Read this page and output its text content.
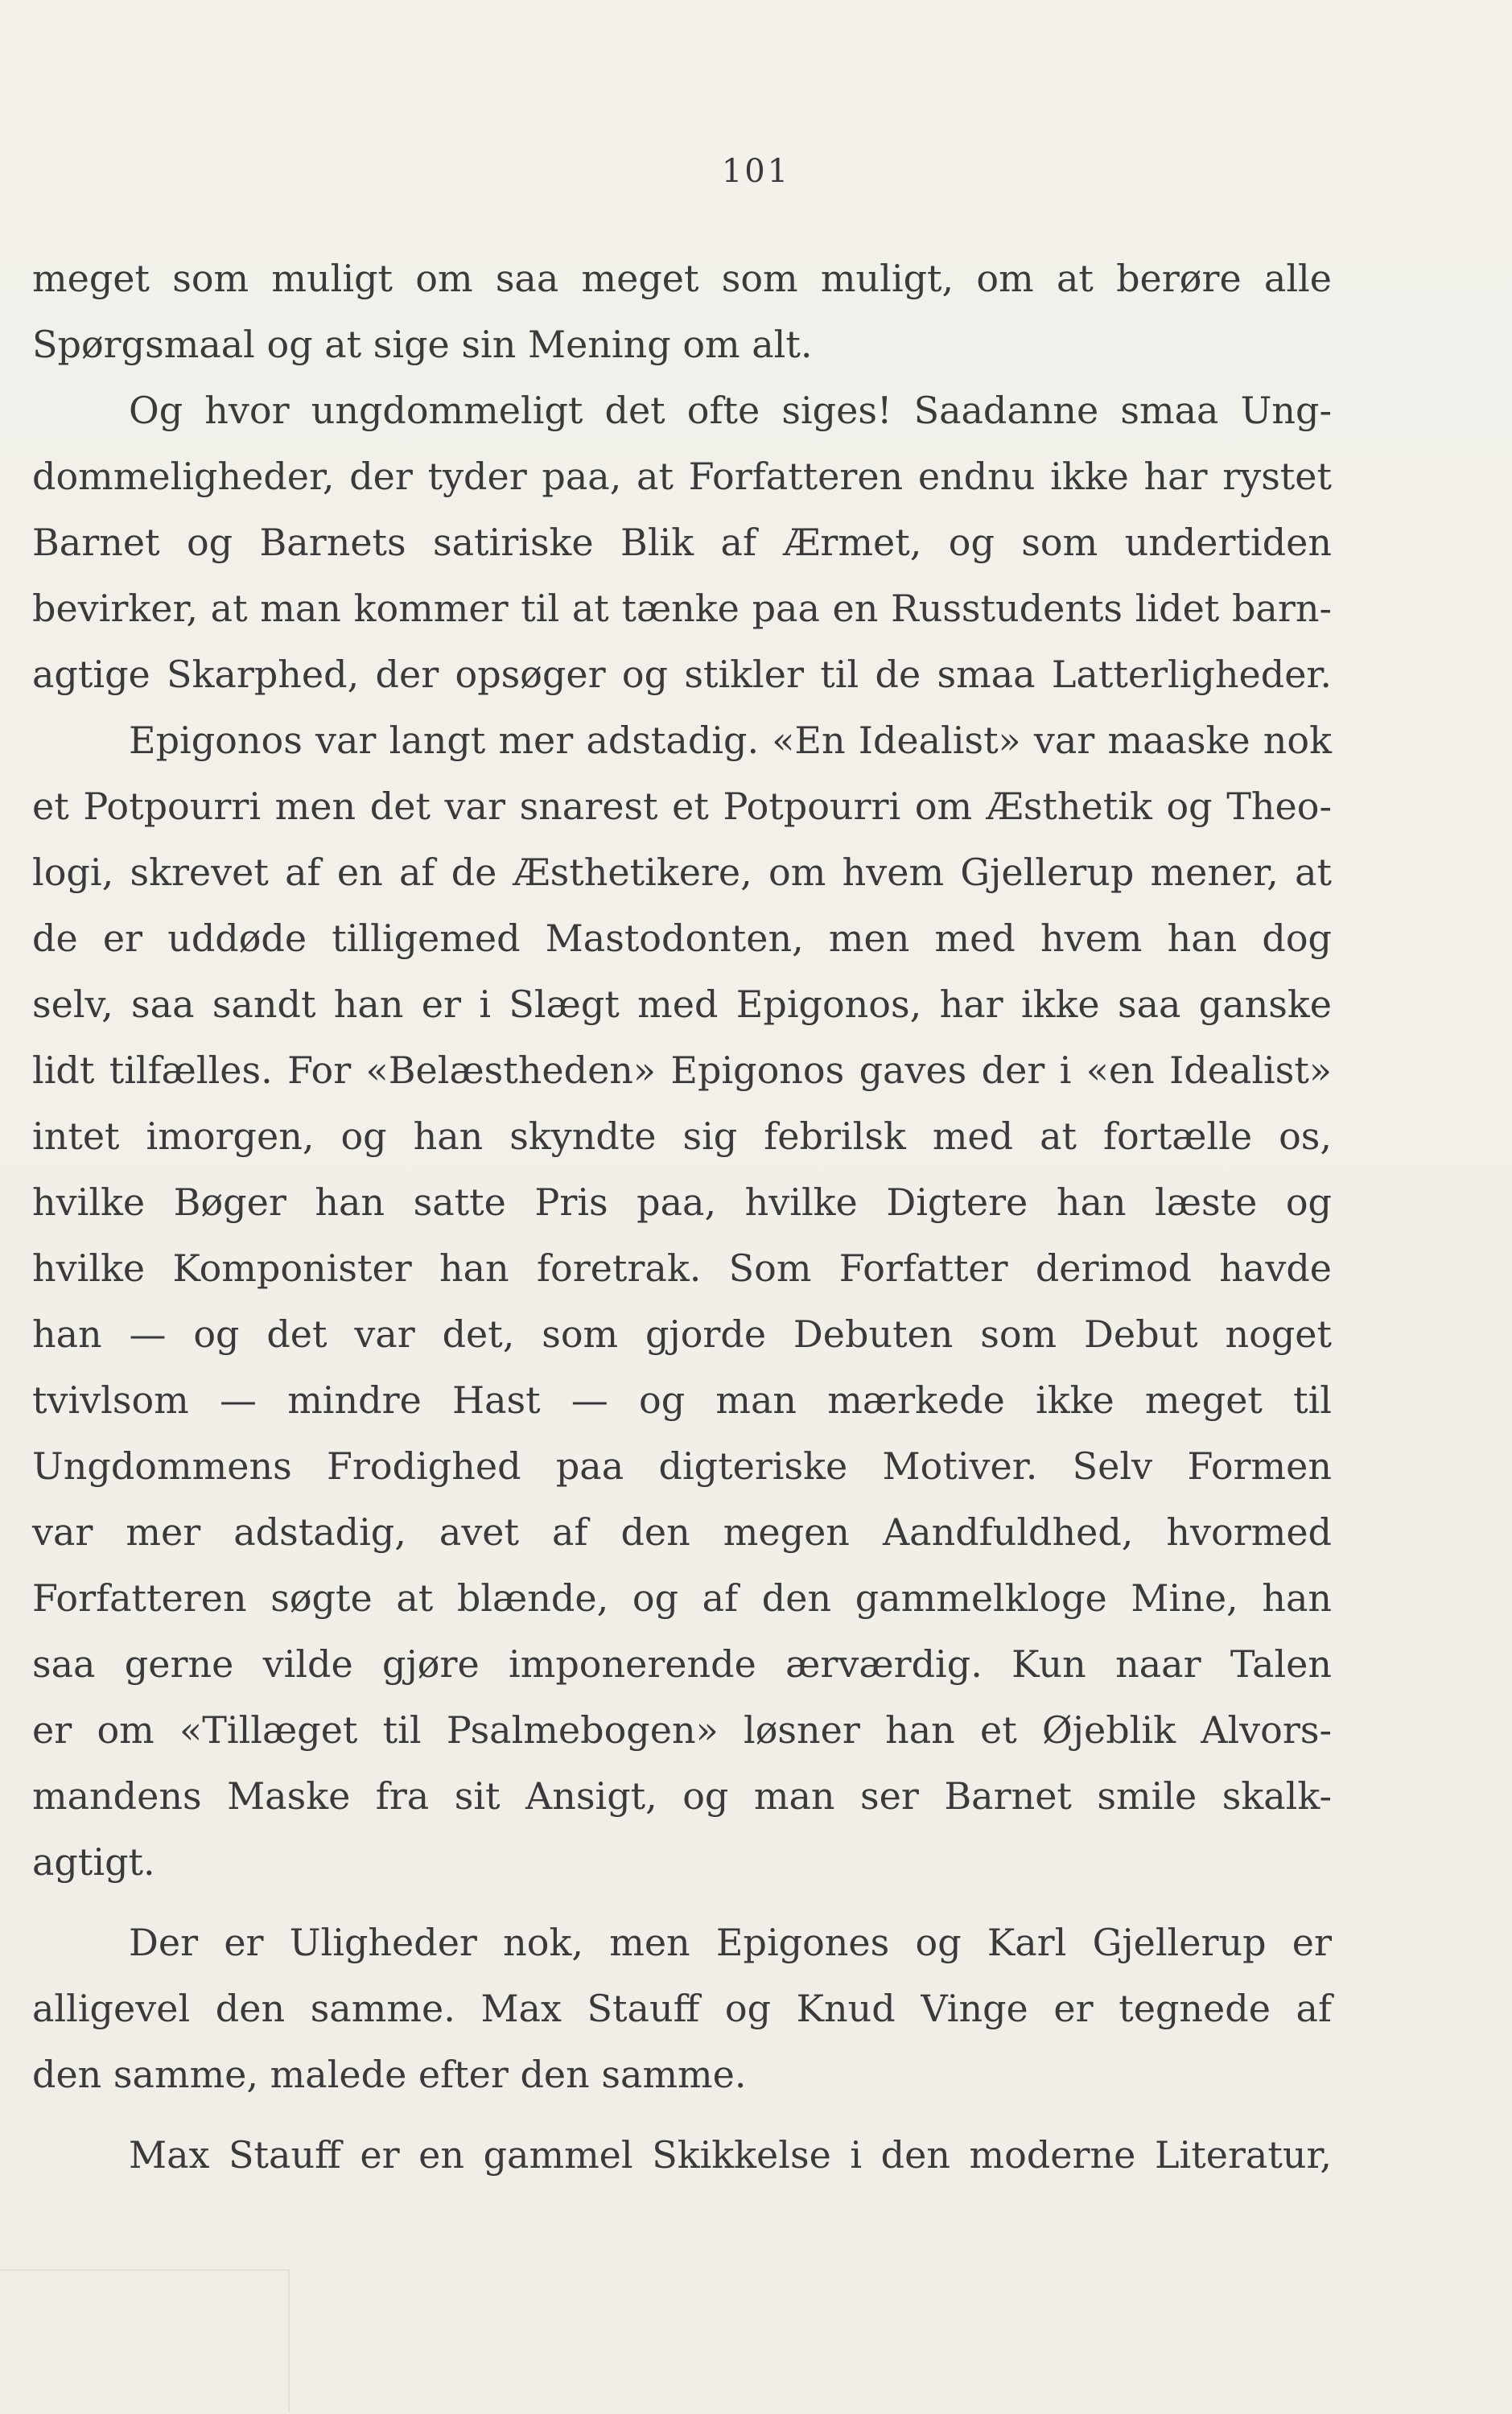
101
meget som muligt om saa meget som muligt, om at berøre alle
Spørgsmaal og at sige sin Mening om alt.
Og hvor ungdommeligt det ofte siges! Saadanne smaa Ung-
dommeligheder, der tyder paa, at Forfatteren endnu ikke har rystet
Barnet og Barnets satiriske Blik af Ærmet, og som undertiden
bevirker, at man kommer til at tænke paa en Russtudents lidet barn-
agtige Skarphed, der opsøger og stikler til de smaa Latterligheder.
Epigonos var langt mer adstadig. «En Idealist» var maaske nok
et Potpourri men det var snarest et Potpourri om Æsthetik og Theo-
logi, skrevet af en af de Æsthetikere, om hvem Gjellerup mener, at
de er uddøde tilligemed Mastodonten, men med hvem han dog
selv, saa sandt han er i Slægt med Epigonos, har ikke saa ganske
lidt tilfælles. For «Belæstheden» Epigonos gaves der i «en Idealist»
intet imorgen, og han skyndte sig febrilsk med at fortælle os,
hvilke Bøger han satte Pris paa, hvilke Digtere han læste og
hvilke Komponister han foretrak. Som Forfatter derimod havde
han — og det var det, som gjorde Debuten som Debut noget
tvivlsom — mindre Hast — og man mærkede ikke meget til
Ungdommens Frodighed paa digteriske Motiver. Selv Formen
var mer adstadig, avet af den megen Aandfuldhed, hvormed
Forfatteren søgte at blænde, og af den gammelkloge Mine, han
saa gerne vilde gjøre imponerende ærværdig. Kun naar Talen
er om «Tillæget til Psalmebogen» løsner han et Øjeblik Alvors-
mandens Maske fra sit Ansigt, og man ser Barnet smile skalk-
agtigt.
Der er Uligheder nok, men Epigones og Karl Gjellerup er
alligevel den samme. Max Stauff og Knud Vinge er tegnede af
den samme, malede efter den samme.
Max Stauff er en gammel Skikkelse i den moderne Literatur,
